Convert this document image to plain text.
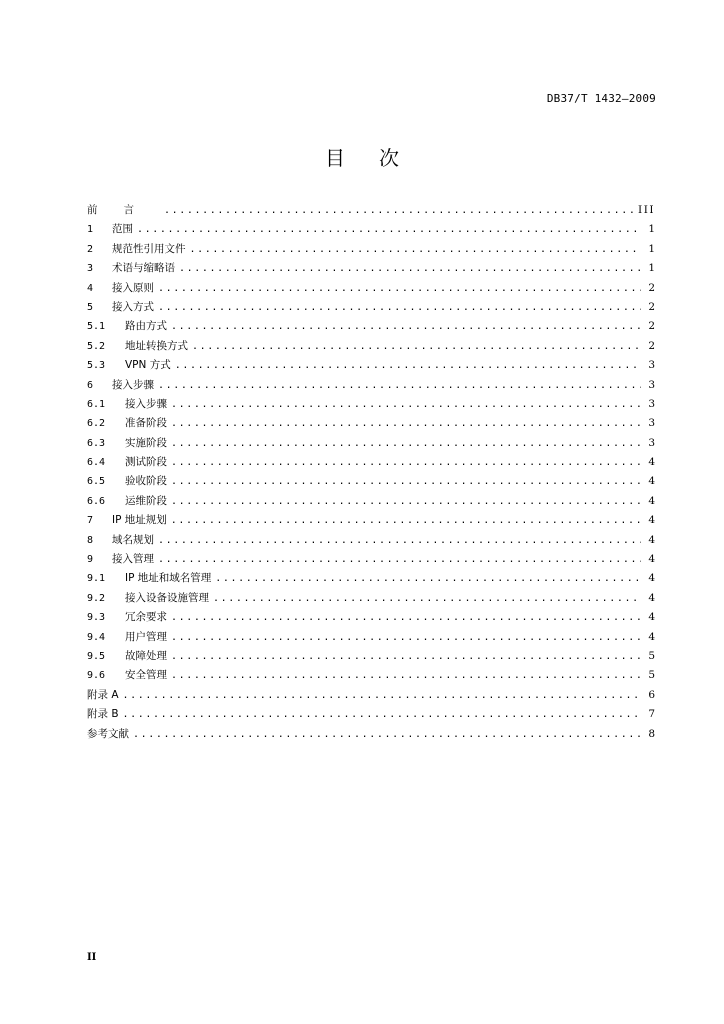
DB37/T 1432—2009
目次
前言 .....	III
1	范围 .....	1
2	规范性引用文件 .....	1
3	术语与缩略语 .....	1
4	接入原则 .....	2
5	接入方式 .....	2
5.1	路由方式 .....	2
5.2	地址转换方式 .....	2
5.3	VPN 方式 .....	3
6	接入步骤 .....	3
6.1	接入步骤 .....	3
6.2	准备阶段 .....	3
6.3	实施阶段 .....	3
6.4	测试阶段 .....	4
6.5	验收阶段 .....	4
6.6	运维阶段 .....	4
7	IP 地址规划 .....	4
8	域名规划 .....	4
9	接入管理 .....	4
9.1	IP 地址和域名管理 .....	4
9.2	接入设备设施管理 .....	4
9.3	冗余要求 .....	4
9.4	用户管理 .....	4
9.5	故障处理 .....	5
9.6	安全管理 .....	5
附录 A .....	6
附录 B .....	7
参考文献 .....	8
II
